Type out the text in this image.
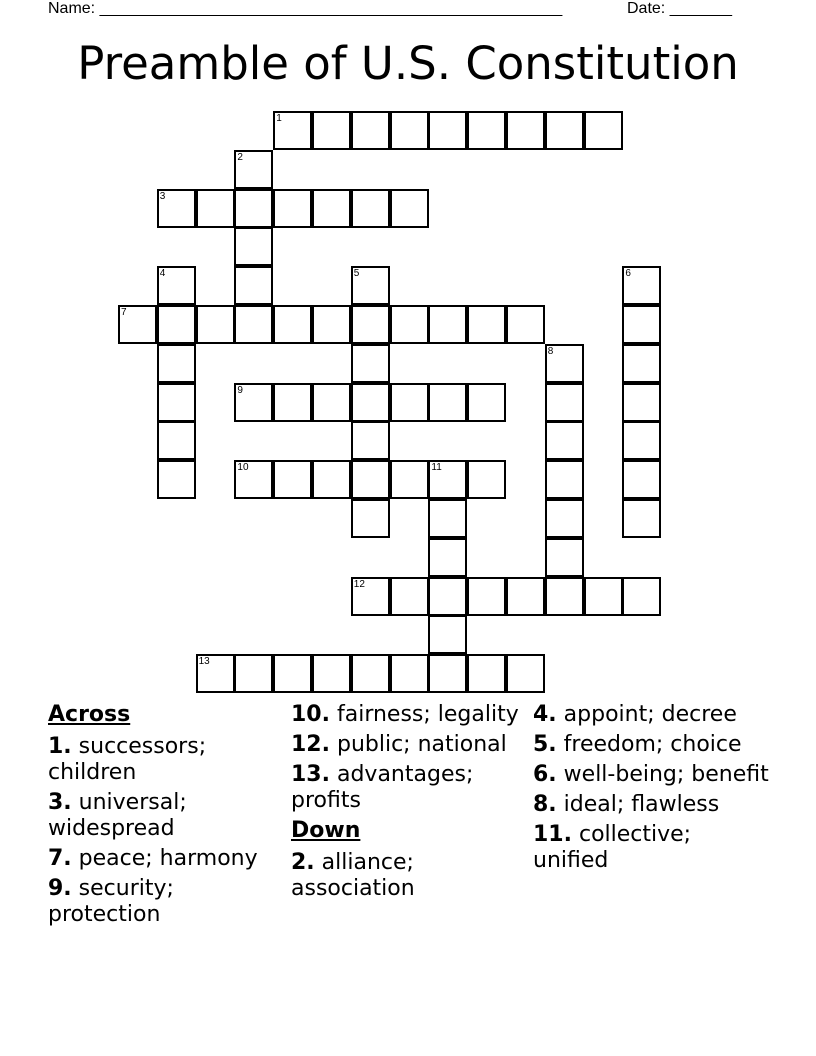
Name: ____________________________________________________	Date: _______
Preamble of U.S. Constitution
1
2
3
4	5	6
7
8
9
10	11
12
13
Across
1. successors; children
3. universal; widespread
7. peace; harmony
9. security; protection
10. fairness; legality
12. public; national
13. advantages; profits
Down
2. alliance; association
4. appoint; decree
5. freedom; choice
6. well-being; benefit
8. ideal; flawless
11. collective; unified
